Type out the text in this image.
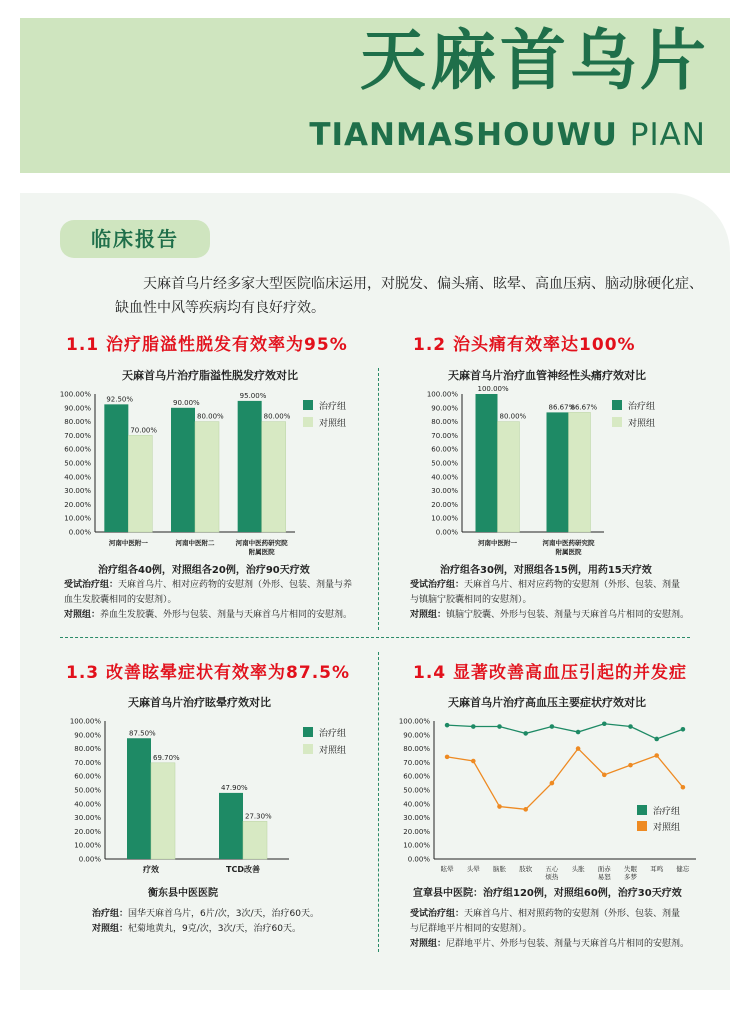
天麻首乌片
TIANMASHOUWU PIAN
临床报告
天麻首乌片经多家大型医院临床运用，对脱发、偏头痛、眩晕、高血压病、脑动脉硬化症、
缺血性中风等疾病均有良好疗效。
1.1 治疗脂溢性脱发有效率为95%
天麻首乌片治疗脂溢性脱发疗效对比
100.00%
90.00%
80.00%
70.00%
60.00%
50.00%
40.00%
30.00%
20.00%
10.00%
0.00%
92.50%
70.00%
河南中医附一
90.00%
80.00%
河南中医附二
95.00%
80.00%
河南中医药研究院
附属医院
治疗组
对照组
治疗组各40例，对照组各20例，治疗90天疗效
受试治疗组：天麻首乌片、相对应药物的安慰剂（外形、包装、剂量与养
血生发胶囊相同的安慰剂）。
对照组：养血生发胶囊、外形与包装、剂量与天麻首乌片相同的安慰剂。
1.2 治头痛有效率达100%
天麻首乌片治疗血管神经性头痛疗效对比
100.00%
90.00%
80.00%
70.00%
60.00%
50.00%
40.00%
30.00%
20.00%
10.00%
0.00%
100.00%
80.00%
河南中医附一
86.67%
86.67%
河南中医药研究院
附属医院
治疗组
对照组
治疗组各30例，对照组各15例，用药15天疗效
受试治疗组：天麻首乌片、相对应药物的安慰剂（外形、包装、剂量
与镇脑宁胶囊相同的安慰剂）。
对照组：镇脑宁胶囊、外形与包装、剂量与天麻首乌片相同的安慰剂。
1.3 改善眩晕症状有效率为87.5%
天麻首乌片治疗眩晕疗效对比
100.00%
90.00%
80.00%
70.00%
60.00%
50.00%
40.00%
30.00%
20.00%
10.00%
0.00%
87.50%
69.70%
疗效
47.90%
27.30%
TCD改善
治疗组
对照组
衡东县中医医院
治疗组：国华天麻首乌片，6片/次，3次/天，治疗60天。
对照组：杞菊地黄丸，9克/次，3次/天，治疗60天。
1.4 显著改善高血压引起的并发症
天麻首乌片治疗高血压主要症状疗效对比
100.00%
90.00%
80.00%
70.00%
60.00%
50.00%
40.00%
30.00%
20.00%
10.00%
0.00%
眩晕 头晕 脑胀 肢软 五心
烦热
头胀 面赤
易怒
失眠
多梦
耳鸣 健忘
治疗组
对照组
宣章县中医院：治疗组120例，对照组60例，治疗30天疗效
受试治疗组：天麻首乌片、相对照药物的安慰剂（外形、包装、剂量
与尼群地平片相同的安慰剂）。
对照组：尼群地平片、外形与包装、剂量与天麻首乌片相同的安慰剂。
